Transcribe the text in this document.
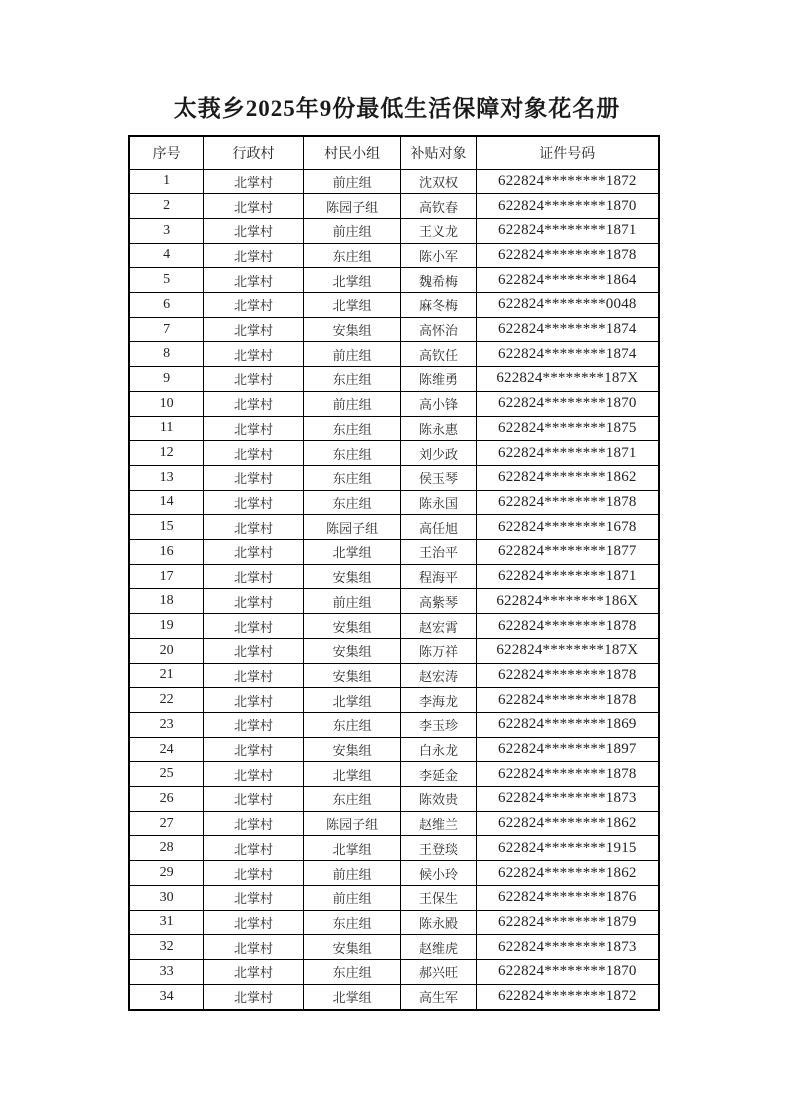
太莪乡2025年9份最低生活保障对象花名册
序号	行政村	村民小组	补贴对象	证件号码
1	北掌村	前庄组	沈双权	622824********1872
2	北掌村	陈园子组	高钦春	622824********1870
3	北掌村	前庄组	王义龙	622824********1871
4	北掌村	东庄组	陈小军	622824********1878
5	北掌村	北掌组	魏希梅	622824********1864
6	北掌村	北掌组	麻冬梅	622824********0048
7	北掌村	安集组	高怀治	622824********1874
8	北掌村	前庄组	高钦任	622824********1874
9	北掌村	东庄组	陈维勇	622824********187X
10	北掌村	前庄组	高小锋	622824********1870
11	北掌村	东庄组	陈永惠	622824********1875
12	北掌村	东庄组	刘少政	622824********1871
13	北掌村	东庄组	侯玉琴	622824********1862
14	北掌村	东庄组	陈永国	622824********1878
15	北掌村	陈园子组	高任旭	622824********1678
16	北掌村	北掌组	王治平	622824********1877
17	北掌村	安集组	程海平	622824********1871
18	北掌村	前庄组	高紫琴	622824********186X
19	北掌村	安集组	赵宏霄	622824********1878
20	北掌村	安集组	陈万祥	622824********187X
21	北掌村	安集组	赵宏涛	622824********1878
22	北掌村	北掌组	李海龙	622824********1878
23	北掌村	东庄组	李玉珍	622824********1869
24	北掌村	安集组	白永龙	622824********1897
25	北掌村	北掌组	李延金	622824********1878
26	北掌村	东庄组	陈效贵	622824********1873
27	北掌村	陈园子组	赵维兰	622824********1862
28	北掌村	北掌组	王登琰	622824********1915
29	北掌村	前庄组	候小玲	622824********1862
30	北掌村	前庄组	王保生	622824********1876
31	北掌村	东庄组	陈永殿	622824********1879
32	北掌村	安集组	赵维虎	622824********1873
33	北掌村	东庄组	郝兴旺	622824********1870
34	北掌村	北掌组	高生军	622824********1872
